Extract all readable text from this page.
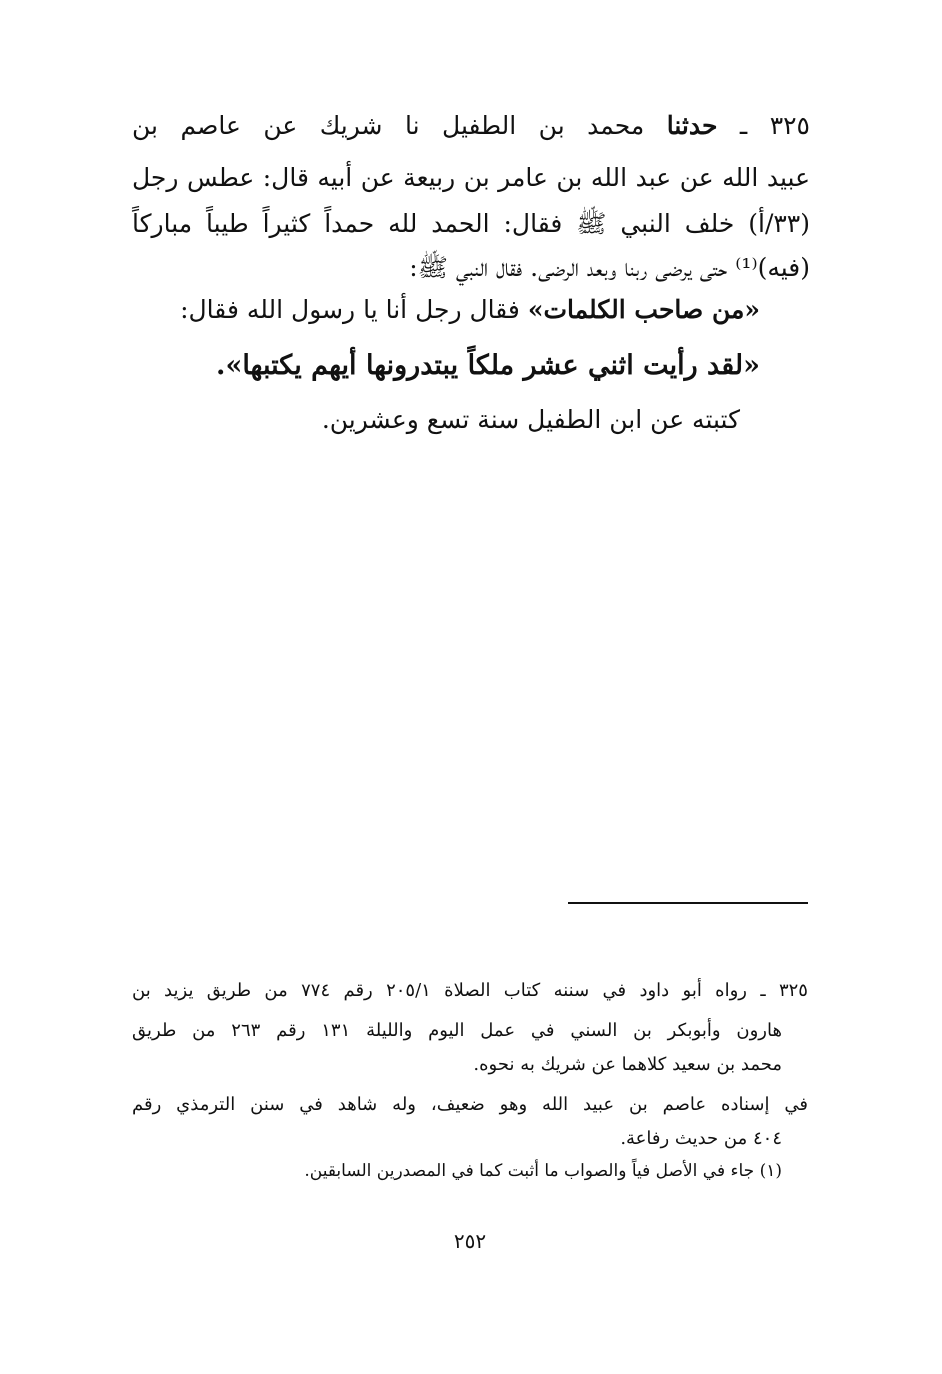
٣٢٥ ـ حدثنا محمد بن الطفيل نا شريك عن عاصم بن
عبيد الله عن عبد الله بن عامر بن ربيعة عن أبيه قال: عطس رجل
(٣٣/أ) خلف النبي ﷺ فقال: الحمد لله حمداً كثيراً طيباً مباركاً
(فيه)⁽¹⁾ حتى يرضى ربنا وبعد الرضى. فقال النبي ﷺ:
«من صاحب الكلمات» فقال رجل أنا يا رسول الله فقال:
«لقد رأيت اثني عشر ملكاً يبتدرونها أيهم يكتبها».
كتبته عن ابن الطفيل سنة تسع وعشرين.
٣٢٥ ـ رواه أبو داود في سننه كتاب الصلاة ٢٠٥/١ رقم ٧٧٤ من طريق يزيد بن
هارون وأبوبكر بن السني في عمل اليوم والليلة ١٣١ رقم ٢٦٣ من طريق
محمد بن سعيد كلاهما عن شريك به نحوه.
في إسناده عاصم بن عبيد الله وهو ضعيف، وله شاهد في سنن الترمذي رقم
٤٠٤ من حديث رفاعة.
(١) جاء في الأصل فياً والصواب ما أثبت كما في المصدرين السابقين.
٢٥٢
